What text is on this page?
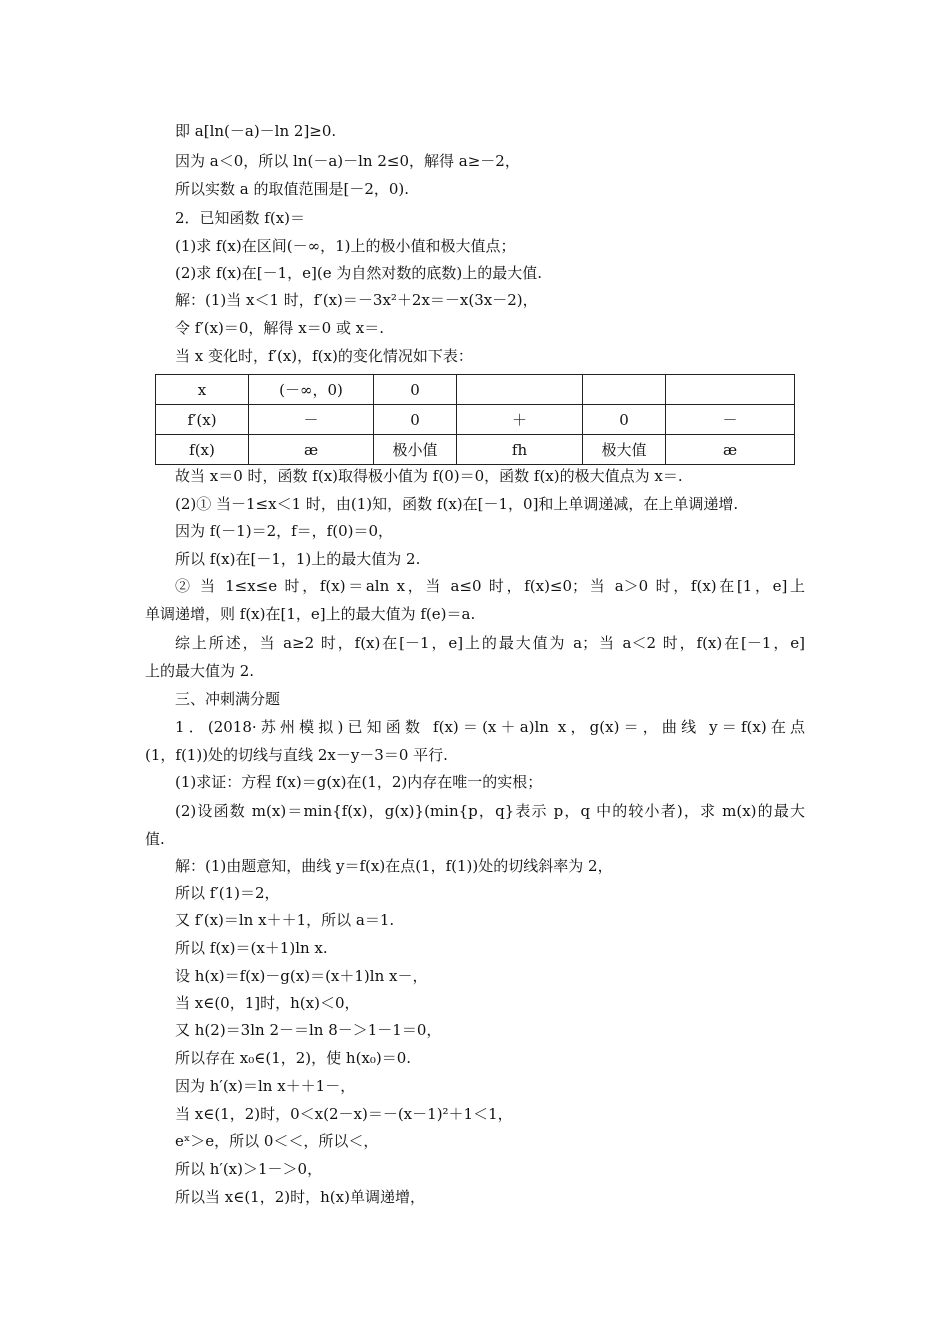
即 a[ln(－a)－ln 2]≥0.
因为 a＜0，所以 ln(－a)－ln 2≤0，解得 a≥－2，
所以实数 a 的取值范围是[－2，0).
2．已知函数 f(x)＝
(1)求 f(x)在区间(－∞，1)上的极小值和极大值点；
(2)求 f(x)在[－1，e](e 为自然对数的底数)上的最大值.
解：(1)当 x＜1 时，f′(x)＝－3x²＋2x＝－x(3x－2)，
令 f′(x)＝0，解得 x＝0 或 x＝.
当 x 变化时，f′(x)，f(x)的变化情况如下表：
x	(－∞，0)	0			
f′(x)	－	0	＋	0	－
f(x)	æ	极小值	fh	极大值	æ
故当 x＝0 时，函数 f(x)取得极小值为 f(0)＝0，函数 f(x)的极大值点为 x＝.
(2)① 当－1≤x＜1 时，由(1)知，函数 f(x)在[－1，0]和上单调递减，在上单调递增.
因为 f(－1)＝2，f＝，f(0)＝0，
所以 f(x)在[－1，1)上的最大值为 2.
② 当 1≤x≤e 时，f(x)＝aln x，当 a≤0 时，f(x)≤0；当 a＞0 时，f(x)在[1，e]上
单调递增，则 f(x)在[1，e]上的最大值为 f(e)＝a.
综上所述，当 a≥2 时，f(x)在[－1，e]上的最大值为 a；当 a＜2 时，f(x)在[－1，e]
上的最大值为 2.
三、冲刺满分题
1．(2018·苏州模拟)已知函数 f(x)＝(x＋a)ln x，g(x)＝，曲线 y＝f(x)在点
(1，f(1))处的切线与直线 2x－y－3＝0 平行.
(1)求证：方程 f(x)＝g(x)在(1，2)内存在唯一的实根；
(2)设函数 m(x)＝min{f(x)，g(x)}(min{p，q}表示 p，q 中的较小者)，求 m(x)的最大
值.
解：(1)由题意知，曲线 y＝f(x)在点(1，f(1))处的切线斜率为 2，
所以 f′(1)＝2，
又 f′(x)＝ln x＋＋1，所以 a＝1.
所以 f(x)＝(x＋1)ln x.
设 h(x)＝f(x)－g(x)＝(x＋1)ln x－，
当 x∈(0，1]时，h(x)＜0，
又 h(2)＝3ln 2－＝ln 8－＞1－1＝0，
所以存在 x₀∈(1，2)，使 h(x₀)＝0.
因为 h′(x)＝ln x＋＋1－，
当 x∈(1，2)时，0＜x(2－x)＝－(x－1)²＋1＜1，
eˣ＞e，所以 0＜＜，所以＜，
所以 h′(x)＞1－＞0，
所以当 x∈(1，2)时，h(x)单调递增，
